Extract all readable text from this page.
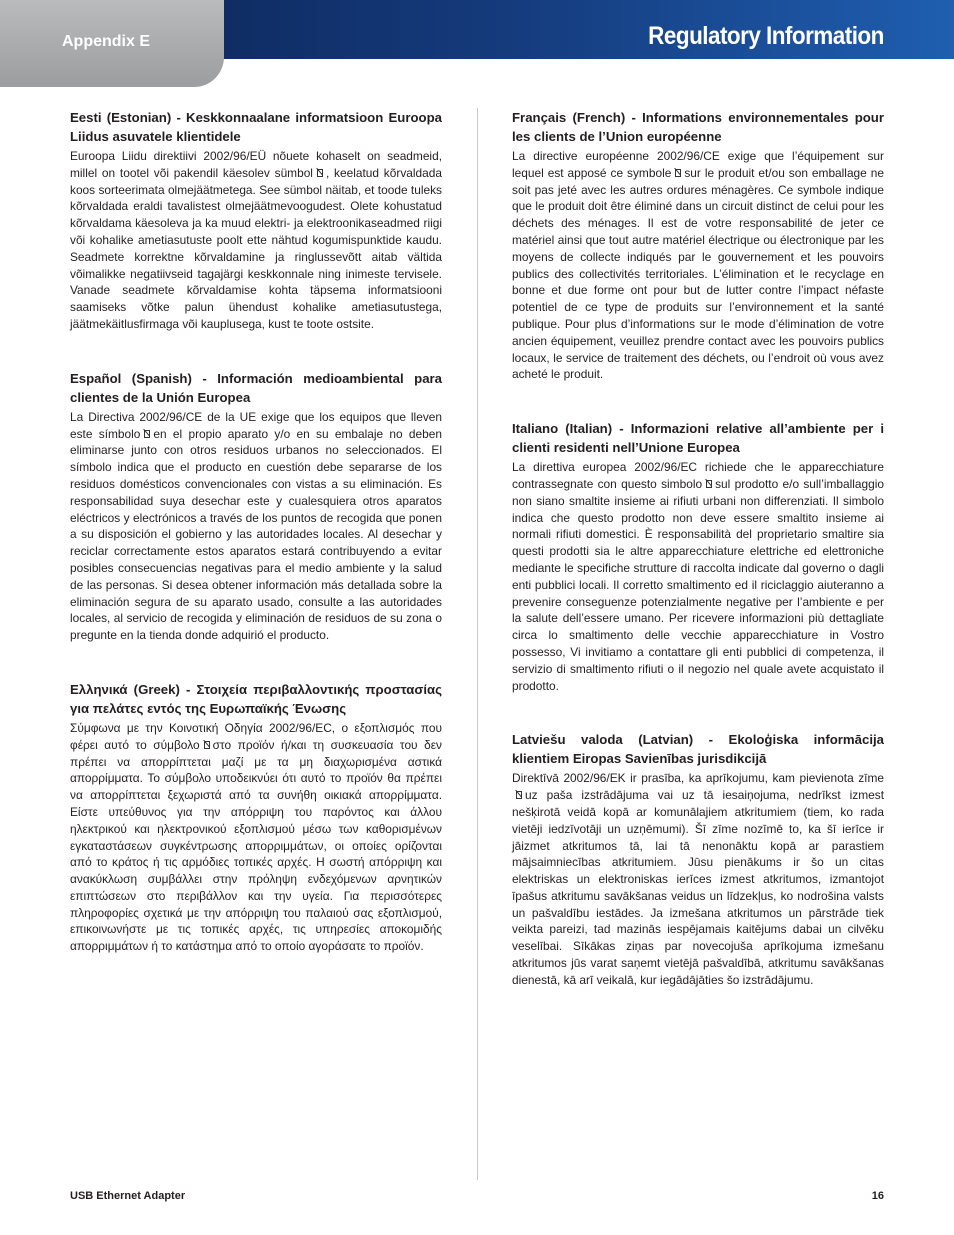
Appendix E	Regulatory Information
Eesti (Estonian) - Keskkonnaalane informatsioon Euroopa Liidus asuvatele klientidele

Euroopa Liidu direktiivi 2002/96/EÜ nõuete kohaselt on seadmeid, millel on tootel või pakendil käesolev sümbol , keelatud kõrvaldada koos sorteerimata olmejäätmetega. See sümbol näitab, et toode tuleks kõrvaldada eraldi tavalistest olmejäätmevoogudest. Olete kohustatud kõrvaldama käesoleva ja ka muud elektri- ja elektroonikaseadmed riigi või kohalike ametiasutuste poolt ette nähtud kogumispunktide kaudu. Seadmete korrektne kõrvaldamine ja ringlussevõtt aitab vältida võimalikke negatiivseid tagajärgi keskkonnale ning inimeste tervisele. Vanade seadmete kõrvaldamise kohta täpsema informatsiooni saamiseks võtke palun ühendust kohalike ametiasutustega, jäätmekäitlusfirmaga või kauplusega, kust te toote ostsite.

Español (Spanish) - Información medioambiental para clientes de la Unión Europea

La Directiva 2002/96/CE de la UE exige que los equipos que lleven este símbolo en el propio aparato y/o en su embalaje no deben eliminarse junto con otros residuos urbanos no seleccionados. El símbolo indica que el producto en cuestión debe separarse de los residuos domésticos convencionales con vistas a su eliminación. Es responsabilidad suya desechar este y cualesquiera otros aparatos eléctricos y electrónicos a través de los puntos de recogida que ponen a su disposición el gobierno y las autoridades locales. Al desechar y reciclar correctamente estos aparatos estará contribuyendo a evitar posibles consecuencias negativas para el medio ambiente y la salud de las personas. Si desea obtener información más detallada sobre la eliminación segura de su aparato usado, consulte a las autoridades locales, al servicio de recogida y eliminación de residuos de su zona o pregunte en la tienda donde adquirió el producto.

Ελληνικά (Greek) - Στοιχεία περιβαλλοντικής προστασίας για πελάτες εντός της Ευρωπαϊκής Ένωσης

Σύμφωνα με την Κοινοτική Οδηγία 2002/96/EC, ο εξοπλισμός που φέρει αυτό το σύμβολο στο προϊόν ή/και τη συσκευασία του δεν πρέπει να απορρίπτεται μαζί με τα μη διαχωρισμένα αστικά απορρίμματα. Το σύμβολο υποδεικνύει ότι αυτό το προϊόν θα πρέπει να απορρίπτεται ξεχωριστά από τα συνήθη οικιακά απορρίμματα. Είστε υπεύθυνος για την απόρριψη του παρόντος και άλλου ηλεκτρικού και ηλεκτρονικού εξοπλισμού μέσω των καθορισμένων εγκαταστάσεων συγκέντρωσης απορριμμάτων, οι οποίες ορίζονται από το κράτος ή τις αρμόδιες τοπικές αρχές. Η σωστή απόρριψη και ανακύκλωση συμβάλλει στην πρόληψη ενδεχόμενων αρνητικών επιπτώσεων στο περιβάλλον και την υγεία. Για περισσότερες πληροφορίες σχετικά με την απόρριψη του παλαιού σας εξοπλισμού, επικοινωνήστε με τις τοπικές αρχές, τις υπηρεσίες αποκομιδής απορριμμάτων ή το κατάστημα από το οποίο αγοράσατε το προϊόν.

Français (French) - Informations environnementales pour les clients de l’Union européenne

La directive européenne 2002/96/CE exige que l’équipement sur lequel est apposé ce symbole sur le produit et/ou son emballage ne soit pas jeté avec les autres ordures ménagères. Ce symbole indique que le produit doit être éliminé dans un circuit distinct de celui pour les déchets des ménages. Il est de votre responsabilité de jeter ce matériel ainsi que tout autre matériel électrique ou électronique par les moyens de collecte indiqués par le gouvernement et les pouvoirs publics des collectivités territoriales. L’élimination et le recyclage en bonne et due forme ont pour but de lutter contre l’impact néfaste potentiel de ce type de produits sur l’environnement et la santé publique. Pour plus d’informations sur le mode d’élimination de votre ancien équipement, veuillez prendre contact avec les pouvoirs publics locaux, le service de traitement des déchets, ou l’endroit où vous avez acheté le produit.

Italiano (Italian) - Informazioni relative all’ambiente per i clienti residenti nell’Unione Europea

La direttiva europea 2002/96/EC richiede che le apparecchiature contrassegnate con questo simbolo sul prodotto e/o sull’imballaggio non siano smaltite insieme ai rifiuti urbani non differenziati. Il simbolo indica che questo prodotto non deve essere smaltito insieme ai normali rifiuti domestici. È responsabilità del proprietario smaltire sia questi prodotti sia le altre apparecchiature elettriche ed elettroniche mediante le specifiche strutture di raccolta indicate dal governo o dagli enti pubblici locali. Il corretto smaltimento ed il riciclaggio aiuteranno a prevenire conseguenze potenzialmente negative per l’ambiente e per la salute dell’essere umano. Per ricevere informazioni più dettagliate circa lo smaltimento delle vecchie apparecchiature in Vostro possesso, Vi invitiamo a contattare gli enti pubblici di competenza, il servizio di smaltimento rifiuti o il negozio nel quale avete acquistato il prodotto.

Latviešu valoda (Latvian) - Ekoloģiska informācija klientiem Eiropas Savienības jurisdikcijā

Direktīvā 2002/96/EK ir prasība, ka aprīkojumu, kam pievienota zīmeuz paša izstrādājuma vai uz tā iesaiņojuma, nedrīkst izmest nešķirotā veidā kopā ar komunālajiem atkritumiem (tiem, ko rada vietēji iedzīvotāji un uzņēmumi). Šī zīme nozīmē to, ka šī ierīce ir jāizmet atkritumos tā, lai tā nenonāktu kopā ar parastiem mājsaimniecības atkritumiem. Jūsu pienākums ir šo un citas elektriskas un elektroniskas ierīces izmest atkritumos, izmantojot īpašus atkritumu savākšanas veidus un līdzekļus, ko nodrošina valsts un pašvaldību iestādes. Ja izmešana atkritumos un pārstrāde tiek veikta pareizi, tad mazinās iespējamais kaitējums dabai un cilvēku veselībai. Sīkākas ziņas par novecojuša aprīkojuma izmešanu atkritumos jūs varat saņemt vietējā pašvaldībā, atkritumu savākšanas dienestā, kā arī veikalā, kur iegādājāties šo izstrādājumu.

USB Ethernet Adapter	16
